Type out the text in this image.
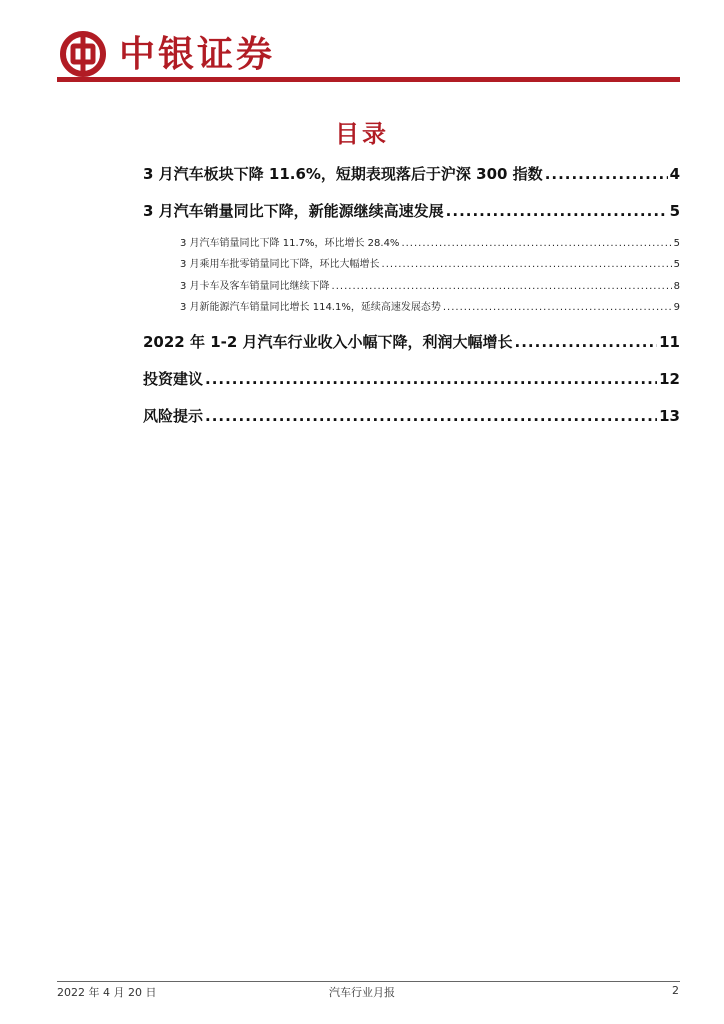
中银证券
目录
3 月汽车板块下降 11.6%，短期表现落后于沪深 300 指数 .....	4
3 月汽车销量同比下降，新能源继续高速发展 .....	5
3 月汽车销量同比下降 11.7%，环比增长 28.4% .....	5
3 月乘用车批零销量同比下降，环比大幅增长 .....	5
3 月卡车及客车销量同比继续下降 .....	8
3 月新能源汽车销量同比增长 114.1%，延续高速发展态势 .....	9
2022 年 1-2 月汽车行业收入小幅下降，利润大幅增长 .....	11
投资建议 .....	12
风险提示 .....	13
2022 年 4 月 20 日	汽车行业月报	2
